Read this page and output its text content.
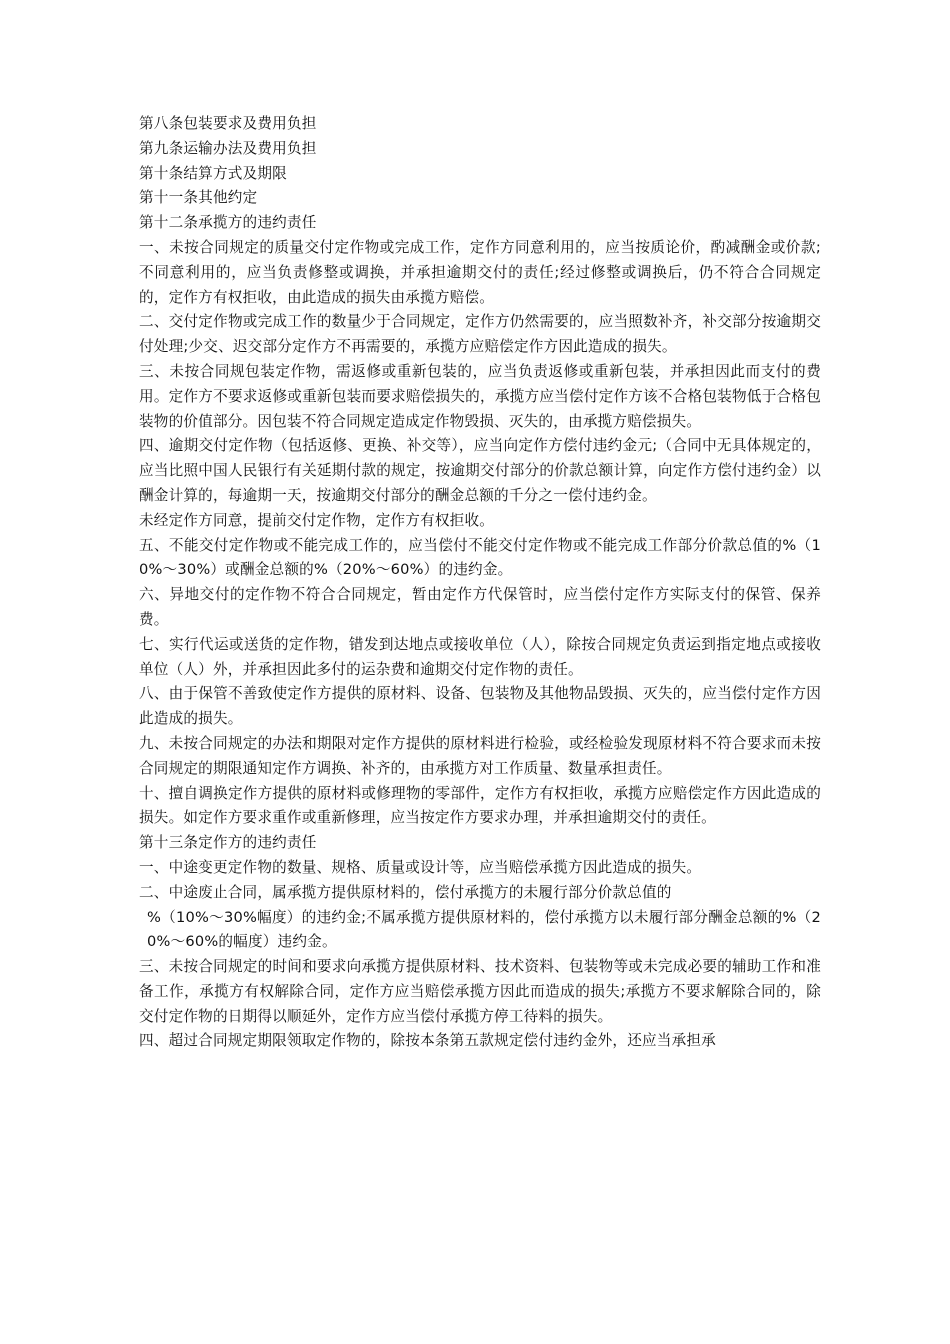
第八条包装要求及费用负担

第九条运输办法及费用负担

第十条结算方式及期限

第十一条其他约定

第十二条承揽方的违约责任

一、未按合同规定的质量交付定作物或完成工作，定作方同意利用的，应当按质论价，酌减酬金或价款;不同意利用的，应当负责修整或调换，并承担逾期交付的责任;经过修整或调换后，仍不符合合同规定的，定作方有权拒收，由此造成的损失由承揽方赔偿。

二、交付定作物或完成工作的数量少于合同规定，定作方仍然需要的，应当照数补齐，补交部分按逾期交付处理;少交、迟交部分定作方不再需要的，承揽方应赔偿定作方因此造成的损失。

三、未按合同规包装定作物，需返修或重新包装的，应当负责返修或重新包装，并承担因此而支付的费用。定作方不要求返修或重新包装而要求赔偿损失的，承揽方应当偿付定作方该不合格包装物低于合格包装物的价值部分。因包装不符合同规定造成定作物毁损、灭失的，由承揽方赔偿损失。

四、逾期交付定作物（包括返修、更换、补交等），应当向定作方偿付违约金元;（合同中无具体规定的，应当比照中国人民银行有关延期付款的规定，按逾期交付部分的价款总额计算，向定作方偿付违约金）以酬金计算的，每逾期一天，按逾期交付部分的酬金总额的千分之一偿付违约金。

未经定作方同意，提前交付定作物，定作方有权拒收。

五、不能交付定作物或不能完成工作的，应当偿付不能交付定作物或不能完成工作部分价款总值的%（10%～30%）或酬金总额的%（20%～60%）的违约金。

六、异地交付的定作物不符合合同规定，暂由定作方代保管时，应当偿付定作方实际支付的保管、保养费。

七、实行代运或送货的定作物，错发到达地点或接收单位（人），除按合同规定负责运到指定地点或接收单位（人）外，并承担因此多付的运杂费和逾期交付定作物的责任。

八、由于保管不善致使定作方提供的原材料、设备、包装物及其他物品毁损、灭失的，应当偿付定作方因此造成的损失。

九、未按合同规定的办法和期限对定作方提供的原材料进行检验，或经检验发现原材料不符合要求而未按合同规定的期限通知定作方调换、补齐的，由承揽方对工作质量、数量承担责任。

十、擅自调换定作方提供的原材料或修理物的零部件，定作方有权拒收，承揽方应赔偿定作方因此造成的损失。如定作方要求重作或重新修理，应当按定作方要求办理，并承担逾期交付的责任。

第十三条定作方的违约责任

一、中途变更定作物的数量、规格、质量或设计等，应当赔偿承揽方因此造成的损失。

二、中途废止合同，属承揽方提供原材料的，偿付承揽方的未履行部分价款总值的

%（10%～30%幅度）的违约金;不属承揽方提供原材料的，偿付承揽方以未履行部分酬金总额的%（20%～60%的幅度）违约金。

三、未按合同规定的时间和要求向承揽方提供原材料、技术资料、包装物等或未完成必要的辅助工作和准备工作，承揽方有权解除合同，定作方应当赔偿承揽方因此而造成的损失;承揽方不要求解除合同的，除交付定作物的日期得以顺延外，定作方应当偿付承揽方停工待料的损失。

四、超过合同规定期限领取定作物的，除按本条第五款规定偿付违约金外，还应当承担承
